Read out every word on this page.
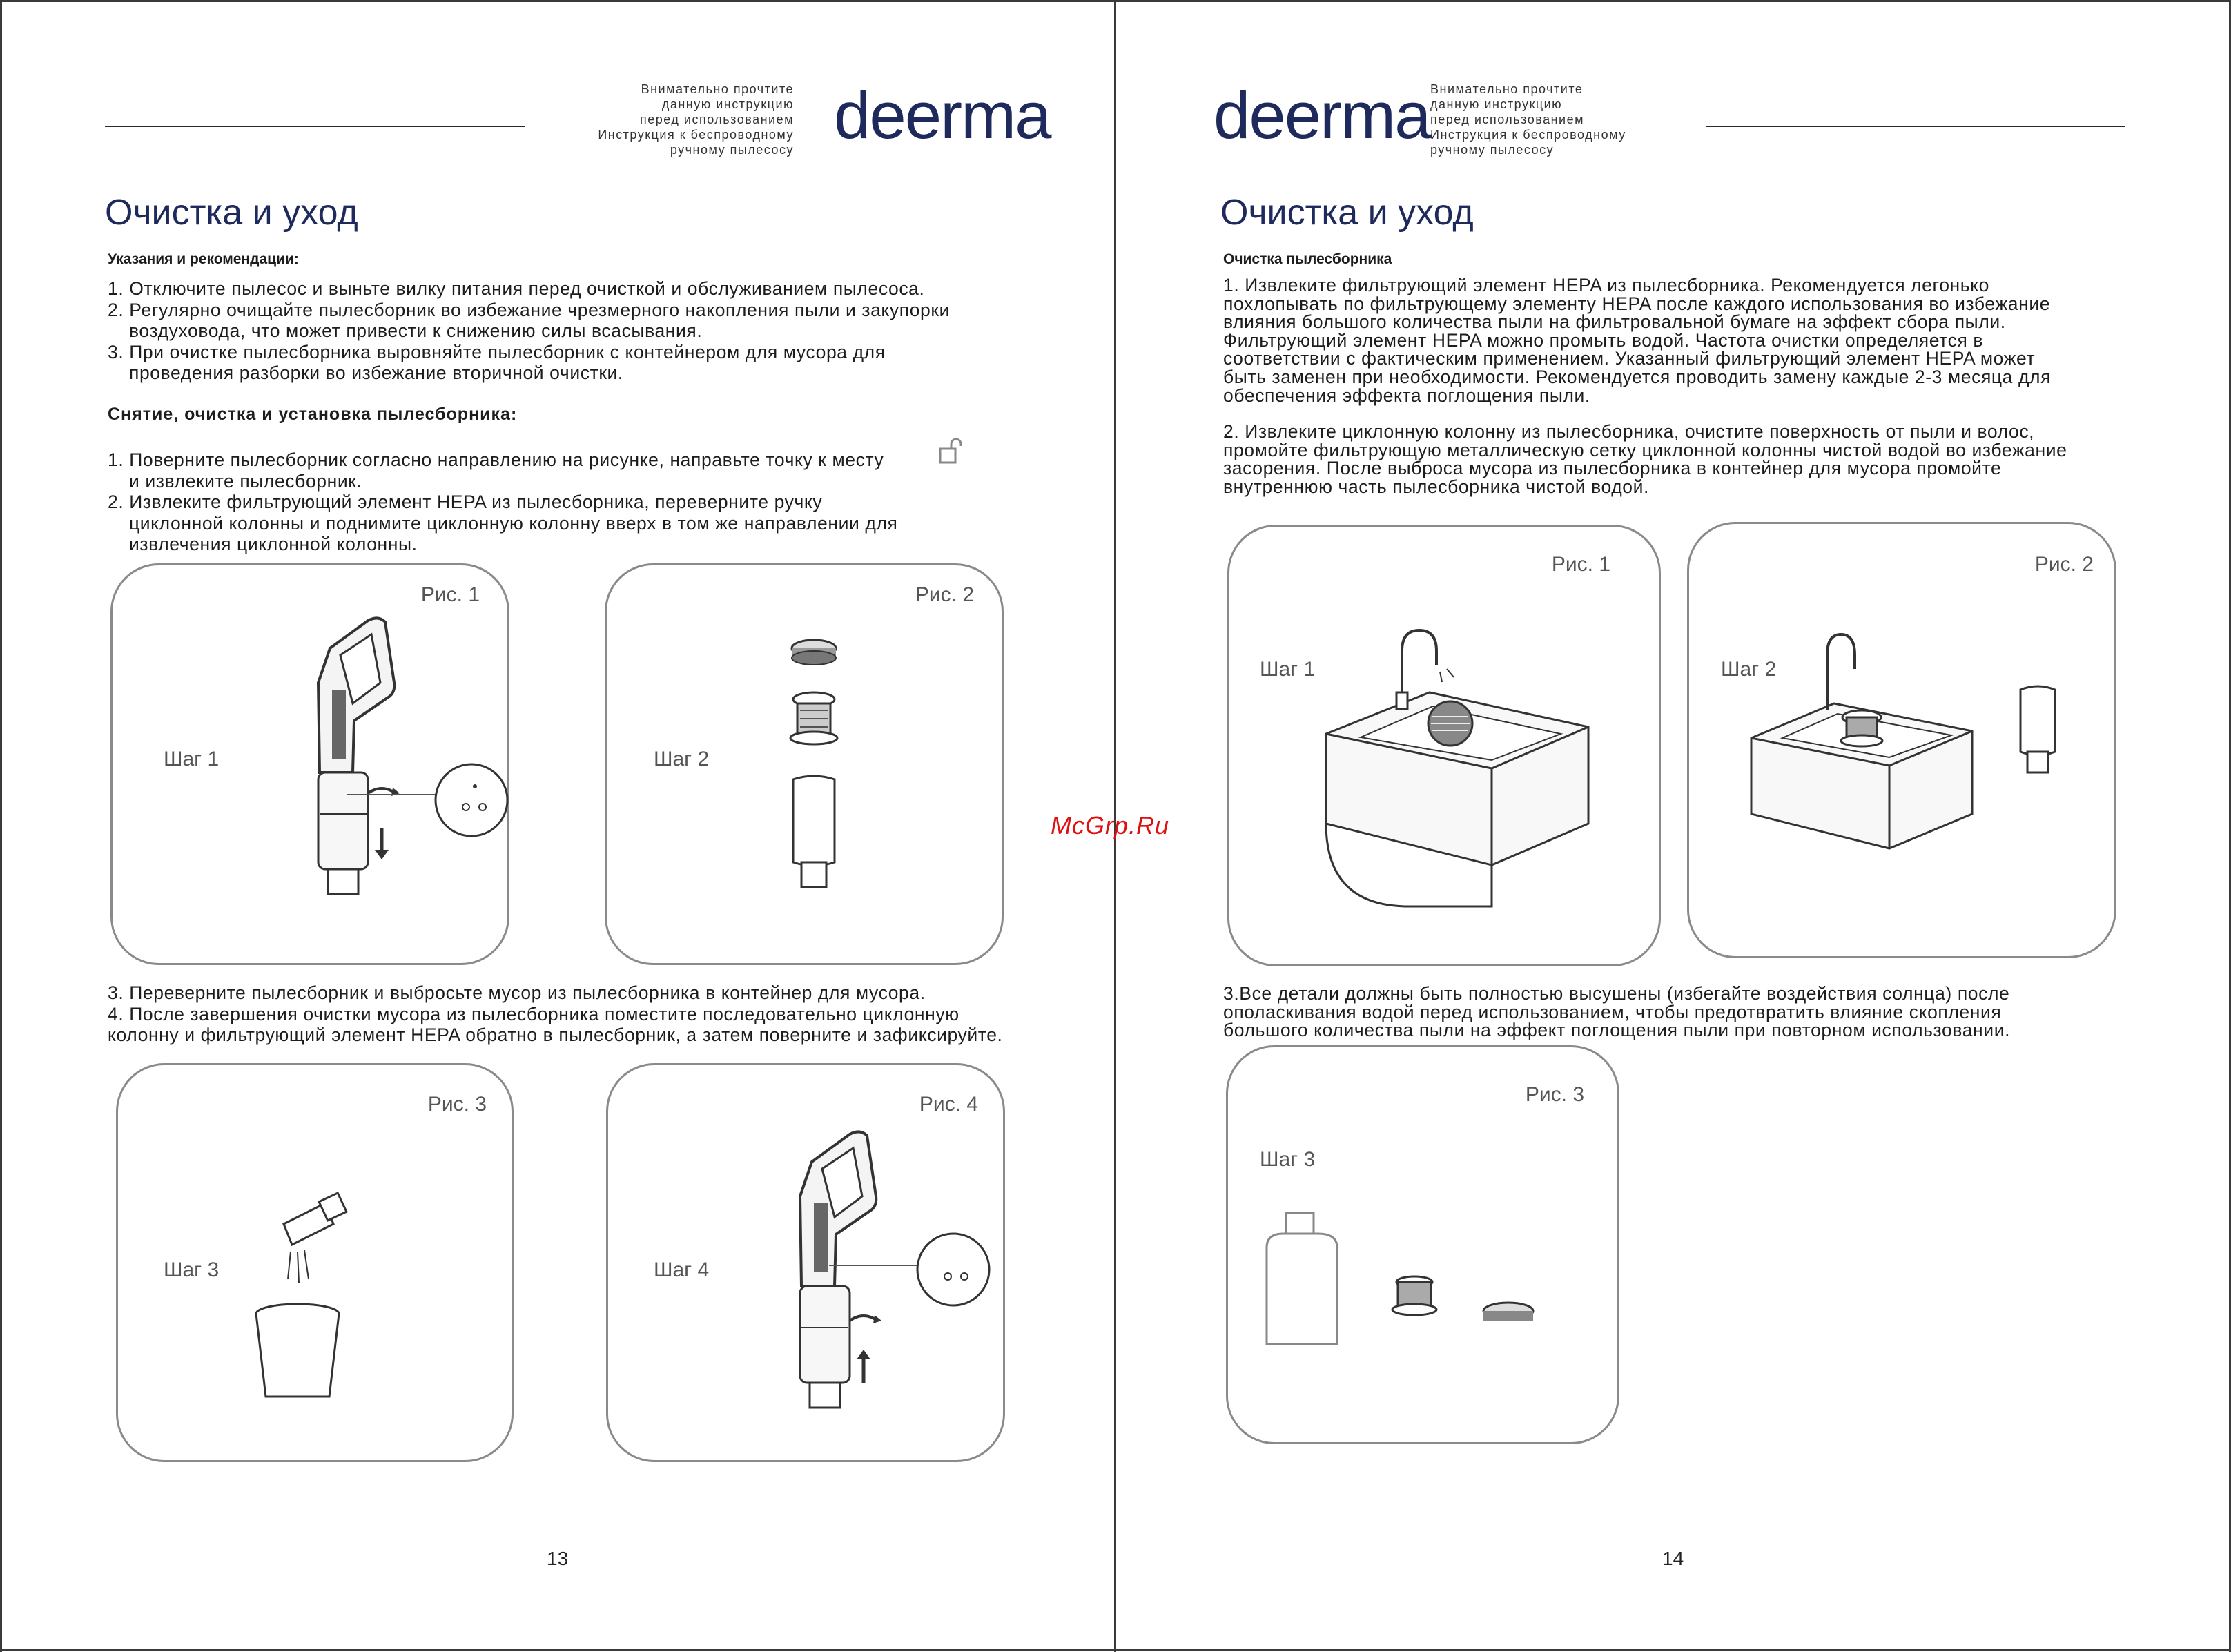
Внимательно прочтите
данную инструкцию
перед использованием
Инструкция к беспроводному
ручному пылесосу deerma
Очистка и уход
Указания и рекомендации:
1. Отключите пылесос и выньте вилку питания перед очисткой и обслуживанием пылесоса.
2. Регулярно очищайте пылесборник во избежание чрезмерного накопления пыли и закупорки
воздуховода, что может привести к снижению силы всасывания.
3. При очистке пылесборника выровняйте пылесборник с контейнером для мусора для
проведения разборки во избежание вторичной очистки.
Снятие, очистка и установка пылесборника:
1. Поверните пылесборник согласно направлению на рисунке, направьте точку к месту
и извлеките пылесборник.
2. Извлеките фильтрующий элемент HEPA из пылесборника, переверните ручку
циклонной колонны и поднимите циклонную колонну вверх в том же направлении для
извлечения циклонной колонны.
Рис. 1
Шаг 1
Рис. 2
Шаг 2
3. Переверните пылесборник и выбросьте мусор из пылесборника в контейнер для мусора.
4. После завершения очистки мусора из пылесборника поместите последовательно циклонную
колонну и фильтрующий элемент HEPA обратно в пылесборник, а затем поверните и зафиксируйте.
Рис. 3
Шаг 3
Рис. 4
Шаг 4
13
McGrp.Ru
deerma Внимательно прочтите
данную инструкцию
перед использованием
Инструкция к беспроводному
ручному пылесосу
Очистка и уход
Очистка пылесборника
1. Извлеките фильтрующий элемент HEPA из пылесборника. Рекомендуется легонько
похлопывать по фильтрующему элементу HEPA после каждого использования во избежание
влияния большого количества пыли на фильтровальной бумаге на эффект сбора пыли.
Фильтрующий элемент HEPA можно промыть водой. Частота очистки определяется в
соответствии с фактическим применением. Указанный фильтрующий элемент HEPA может
быть заменен при необходимости. Рекомендуется проводить замену каждые 2-3 месяца для
обеспечения эффекта поглощения пыли.
2. Извлеките циклонную колонну из пылесборника, очистите поверхность от пыли и волос,
промойте фильтрующую металлическую сетку циклонной колонны чистой водой во избежание
засорения. После выброса мусора из пылесборника в контейнер для мусора промойте
внутреннюю часть пылесборника чистой водой.
Рис. 1
Шаг 1
Рис. 2
Шаг 2
3.Все детали должны быть полностью высушены (избегайте воздействия солнца) после
ополаскивания водой перед использованием, чтобы предотвратить влияние скопления
большого количества пыли на эффект поглощения пыли при повторном использовании.
Рис. 3
Шаг 3
14
